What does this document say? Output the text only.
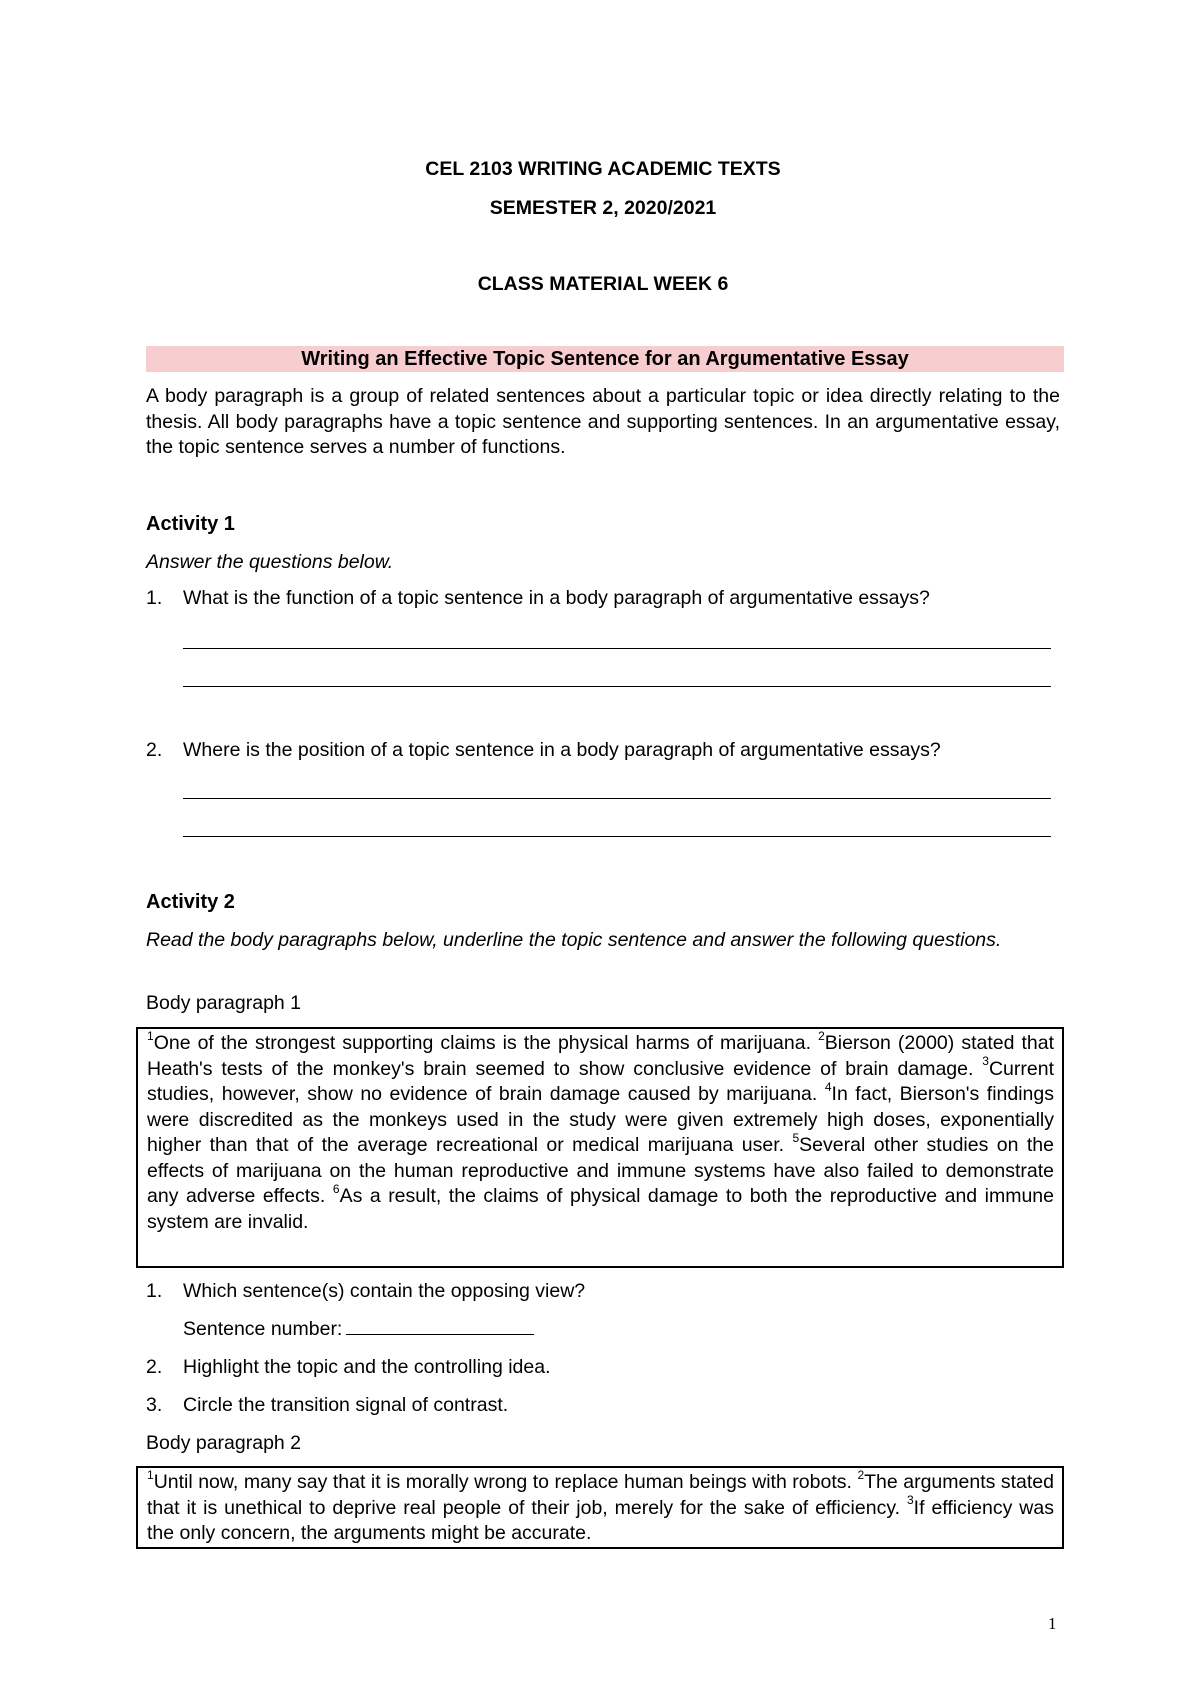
CEL 2103 WRITING ACADEMIC TEXTS
SEMESTER 2, 2020/2021
CLASS MATERIAL WEEK 6
Writing an Effective Topic Sentence for an Argumentative Essay
A body paragraph is a group of related sentences about a particular topic or idea directly relating to the thesis. All body paragraphs have a topic sentence and supporting sentences. In an argumentative essay, the topic sentence serves a number of functions.
Activity 1
Answer the questions below.
1. What is the function of a topic sentence in a body paragraph of argumentative essays?
2. Where is the position of a topic sentence in a body paragraph of argumentative essays?
Activity 2
Read the body paragraphs below, underline the topic sentence and answer the following questions.
Body paragraph 1
$^1$One of the strongest supporting claims is the physical harms of marijuana. $^2$Bierson (2000) stated that Heath's tests of the monkey's brain seemed to show conclusive evidence of brain damage. $^3$Current studies, however, show no evidence of brain damage caused by marijuana. $^4$In fact, Bierson's findings were discredited as the monkeys used in the study were given extremely high doses, exponentially higher than that of the average recreational or medical marijuana user. $^5$Several other studies on the effects of marijuana on the human reproductive and immune systems have also failed to demonstrate any adverse effects. $^6$As a result, the claims of physical damage to both the reproductive and immune system are invalid.
1. Which sentence(s) contain the opposing view?
Sentence number:
2. Highlight the topic and the controlling idea.
3. Circle the transition signal of contrast.
Body paragraph 2
$^1$Until now, many say that it is morally wrong to replace human beings with robots. $^2$The arguments stated that it is unethical to deprive real people of their job, merely for the sake of efficiency. $^3$If efficiency was the only concern, the arguments might be accurate.
1
